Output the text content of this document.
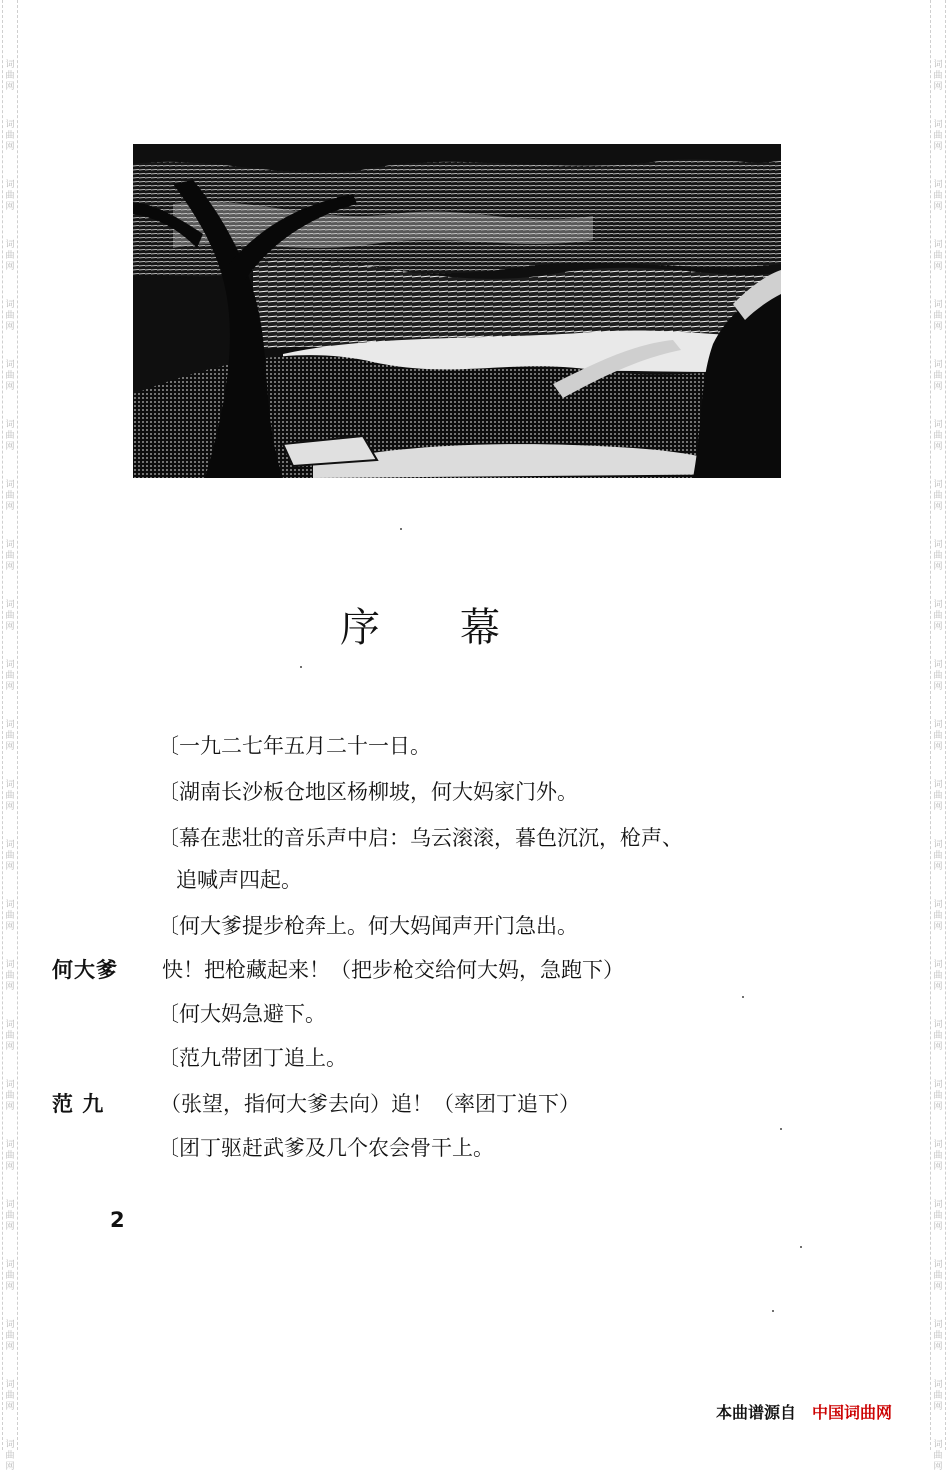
词
曲
网
词
曲
网
词
曲
网
词
曲
网
词
曲
网
词
曲
网
词
曲
网
词
曲
网
词
曲
网
词
曲
网
词
曲
网
词
曲
网
词
曲
网
词
曲
网
词
曲
网
词
曲
网
词
曲
网
词
曲
网
词
曲
网
词
曲
网
词
曲
网
词
曲
网
词
曲
网
词
曲
网
词
曲
网
词
曲
网
词
曲
网
词
曲
网
词
曲
网
词
曲
网
词
曲
网
词
曲
网
词
曲
网
词
曲
网
词
曲
网
词
曲
网
词
曲
网
词
曲
网
词
曲
网
词
曲
网
词
曲
网
词
曲
网
词
曲
网
词
曲
网
词
曲
网
词
曲
网
词
曲
网
词
曲
网
序 幕
〔一九二七年五月二十一日。
〔湖南长沙板仓地区杨柳坡，何大妈家门外。
〔幕在悲壮的音乐声中启：乌云滚滚，暮色沉沉，枪声、
追喊声四起。
〔何大爹提步枪奔上。何大妈闻声开门急出。
何大爹 快！把枪藏起来！（把步枪交给何大妈，急跑下）
〔何大妈急避下。
〔范九带团丁追上。
范 九	（张望，指何大爹去向）追！（率团丁追下）
〔团丁驱赶武爹及几个农会骨干上。
2
本曲谱源自 中国词曲网
